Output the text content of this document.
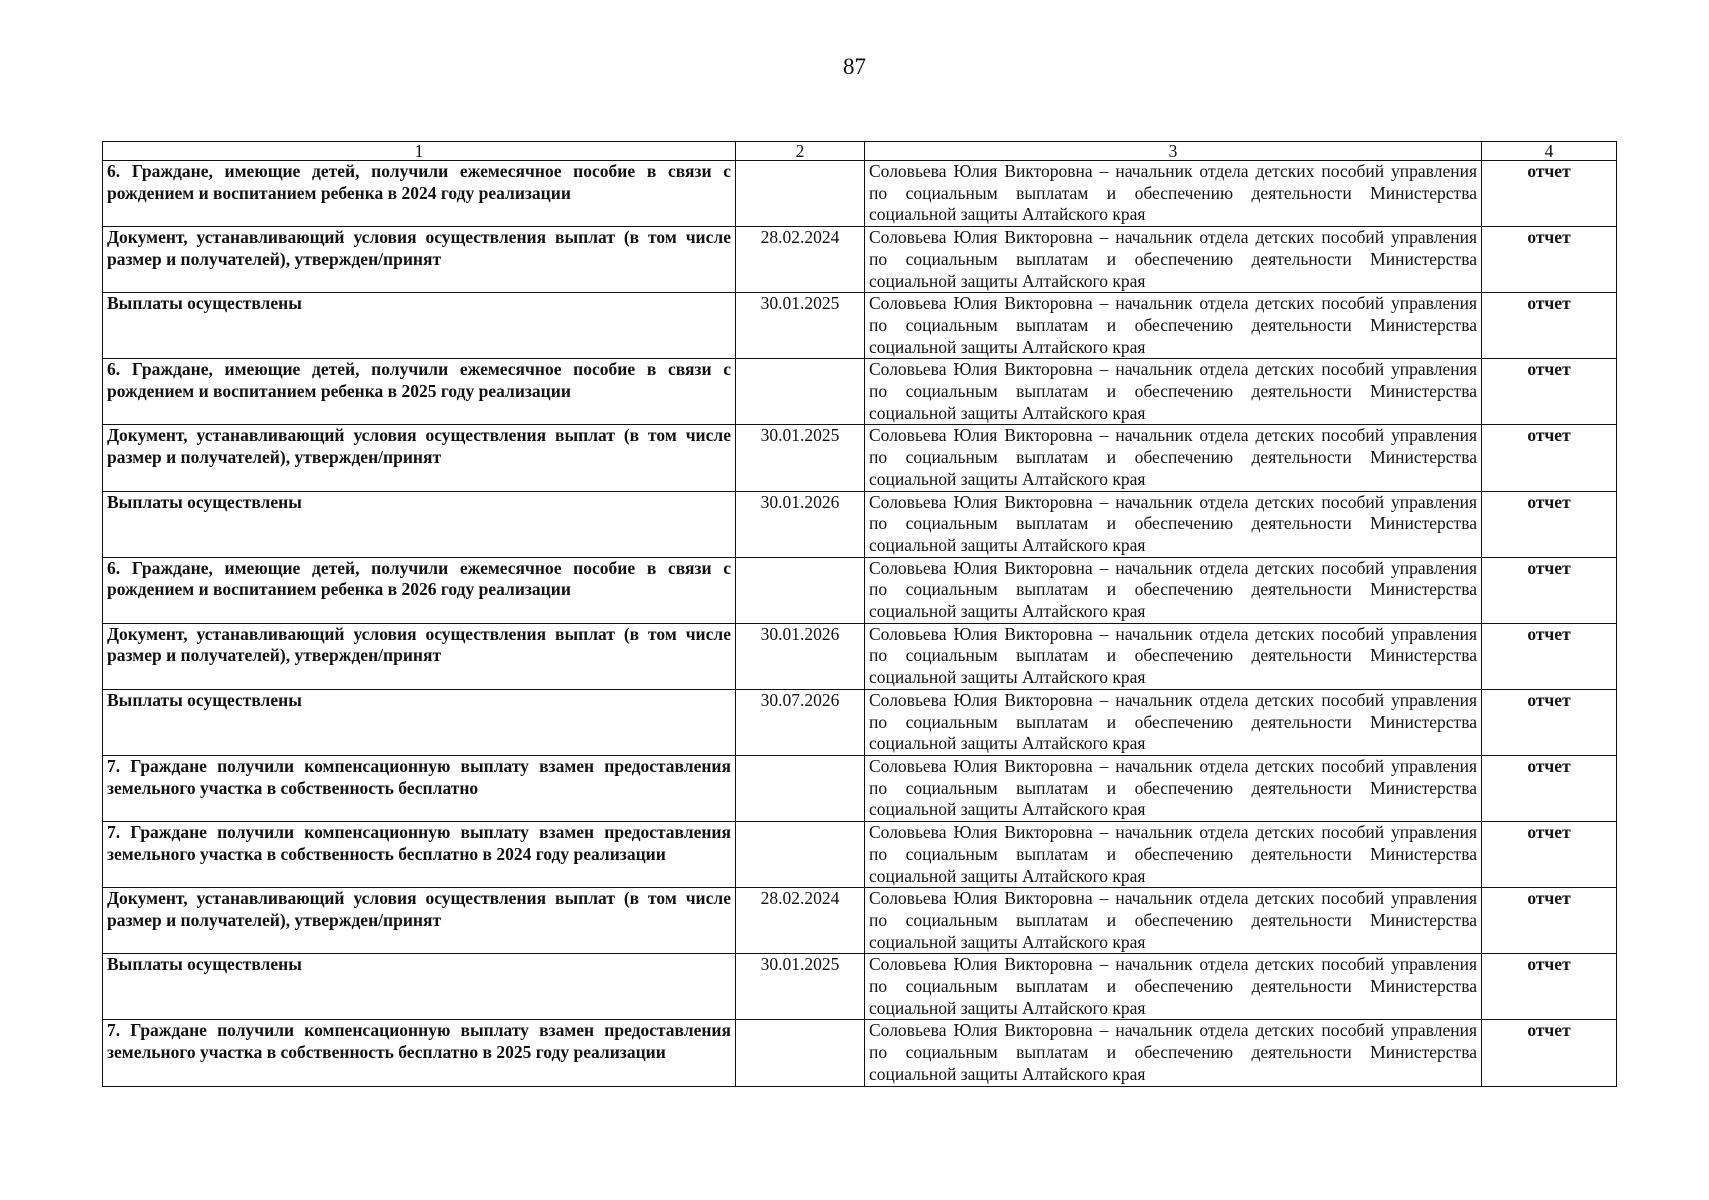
87
1	2	3	4
6. Граждане, имеющие детей, получили ежемесячное пособие в связи с рождением и воспитанием ребенка в 2024 году реализации		Соловьева Юлия Викторовна – начальник отдела детских пособий управления по социальным выплатам и обеспечению деятельности Министерства социальной защиты Алтайского края	отчет
Документ, устанавливающий условия осуществления выплат (в том числе размер и получателей), утвержден/принят	28.02.2024	Соловьева Юлия Викторовна – начальник отдела детских пособий управления по социальным выплатам и обеспечению деятельности Министерства социальной защиты Алтайского края	отчет
Выплаты осуществлены	30.01.2025	Соловьева Юлия Викторовна – начальник отдела детских пособий управления по социальным выплатам и обеспечению деятельности Министерства социальной защиты Алтайского края	отчет
6. Граждане, имеющие детей, получили ежемесячное пособие в связи с рождением и воспитанием ребенка в 2025 году реализации		Соловьева Юлия Викторовна – начальник отдела детских пособий управления по социальным выплатам и обеспечению деятельности Министерства социальной защиты Алтайского края	отчет
Документ, устанавливающий условия осуществления выплат (в том числе размер и получателей), утвержден/принят	30.01.2025	Соловьева Юлия Викторовна – начальник отдела детских пособий управления по социальным выплатам и обеспечению деятельности Министерства социальной защиты Алтайского края	отчет
Выплаты осуществлены	30.01.2026	Соловьева Юлия Викторовна – начальник отдела детских пособий управления по социальным выплатам и обеспечению деятельности Министерства социальной защиты Алтайского края	отчет
6. Граждане, имеющие детей, получили ежемесячное пособие в связи с рождением и воспитанием ребенка в 2026 году реализации		Соловьева Юлия Викторовна – начальник отдела детских пособий управления по социальным выплатам и обеспечению деятельности Министерства социальной защиты Алтайского края	отчет
Документ, устанавливающий условия осуществления выплат (в том числе размер и получателей), утвержден/принят	30.01.2026	Соловьева Юлия Викторовна – начальник отдела детских пособий управления по социальным выплатам и обеспечению деятельности Министерства социальной защиты Алтайского края	отчет
Выплаты осуществлены	30.07.2026	Соловьева Юлия Викторовна – начальник отдела детских пособий управления по социальным выплатам и обеспечению деятельности Министерства социальной защиты Алтайского края	отчет
7. Граждане получили компенсационную выплату взамен предоставления земельного участка в собственность бесплатно		Соловьева Юлия Викторовна – начальник отдела детских пособий управления по социальным выплатам и обеспечению деятельности Министерства социальной защиты Алтайского края	отчет
7. Граждане получили компенсационную выплату взамен предоставления земельного участка в собственность бесплатно в 2024 году реализации		Соловьева Юлия Викторовна – начальник отдела детских пособий управления по социальным выплатам и обеспечению деятельности Министерства социальной защиты Алтайского края	отчет
Документ, устанавливающий условия осуществления выплат (в том числе размер и получателей), утвержден/принят	28.02.2024	Соловьева Юлия Викторовна – начальник отдела детских пособий управления по социальным выплатам и обеспечению деятельности Министерства социальной защиты Алтайского края	отчет
Выплаты осуществлены	30.01.2025	Соловьева Юлия Викторовна – начальник отдела детских пособий управления по социальным выплатам и обеспечению деятельности Министерства социальной защиты Алтайского края	отчет
7. Граждане получили компенсационную выплату взамен предоставления земельного участка в собственность бесплатно в 2025 году реализации		Соловьева Юлия Викторовна – начальник отдела детских пособий управления по социальным выплатам и обеспечению деятельности Министерства социальной защиты Алтайского края	отчет
